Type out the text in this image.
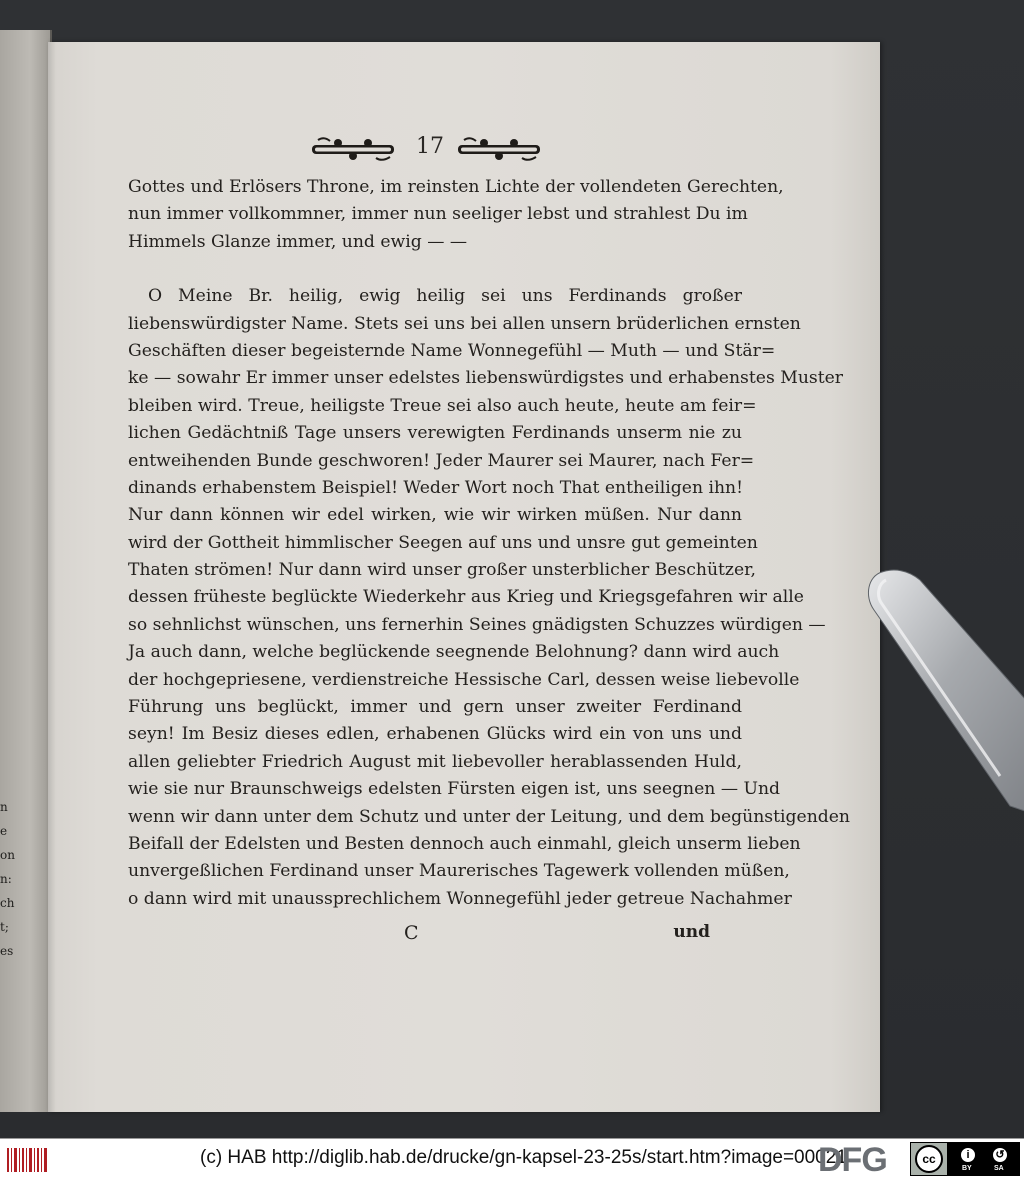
n
e
on
n:
ch
t;
es
17
Gottes und Erlösers Throne, im reinsten Lichte der vollendeten Gerechten,
nun immer vollkommner, immer nun seeliger lebst und strahlest Du im
Himmels Glanze immer, und ewig — —
O Meine Br. heilig, ewig heilig sei uns Ferdinands großer
liebenswürdigster Name. Stets sei uns bei allen unsern brüderlichen ernsten
Geschäften dieser begeisternde Name Wonnegefühl — Muth — und Stär=
ke — sowahr Er immer unser edelstes liebenswürdigstes und erhabenstes Muster
bleiben wird. Treue, heiligste Treue sei also auch heute, heute am feir=
lichen Gedächtniß Tage unsers verewigten Ferdinands unserm nie zu
entweihenden Bunde geschworen! Jeder Maurer sei Maurer, nach Fer=
dinands erhabenstem Beispiel! Weder Wort noch That entheiligen ihn!
Nur dann können wir edel wirken, wie wir wirken müßen. Nur dann
wird der Gottheit himmlischer Seegen auf uns und unsre gut gemeinten
Thaten strömen! Nur dann wird unser großer unsterblicher Beschützer,
dessen früheste beglückte Wiederkehr aus Krieg und Kriegsgefahren wir alle
so sehnlichst wünschen, uns fernerhin Seines gnädigsten Schuzzes würdigen —
Ja auch dann, welche beglückende seegnende Belohnung? dann wird auch
der hochgepriesene, verdienstreiche Hessische Carl, dessen weise liebevolle
Führung uns beglückt, immer und gern unser zweiter Ferdinand
seyn! Im Besiz dieses edlen, erhabenen Glücks wird ein von uns und
allen geliebter Friedrich August mit liebevoller herablassenden Huld,
wie sie nur Braunschweigs edelsten Fürsten eigen ist, uns seegnen — Und
wenn wir dann unter dem Schutz und unter der Leitung, und dem begünstigenden
Beifall der Edelsten und Besten dennoch auch einmahl, gleich unserm lieben
unvergeßlichen Ferdinand unser Maurerisches Tagewerk vollenden müßen,
o dann wird mit unaussprechlichem Wonnegefühl jeder getreue Nachahmer
C	und
(c) HAB http://diglib.hab.de/drucke/gn-kapsel-23-25s/start.htm?image=00021
DFG	cc	i	↺
BY	SA
